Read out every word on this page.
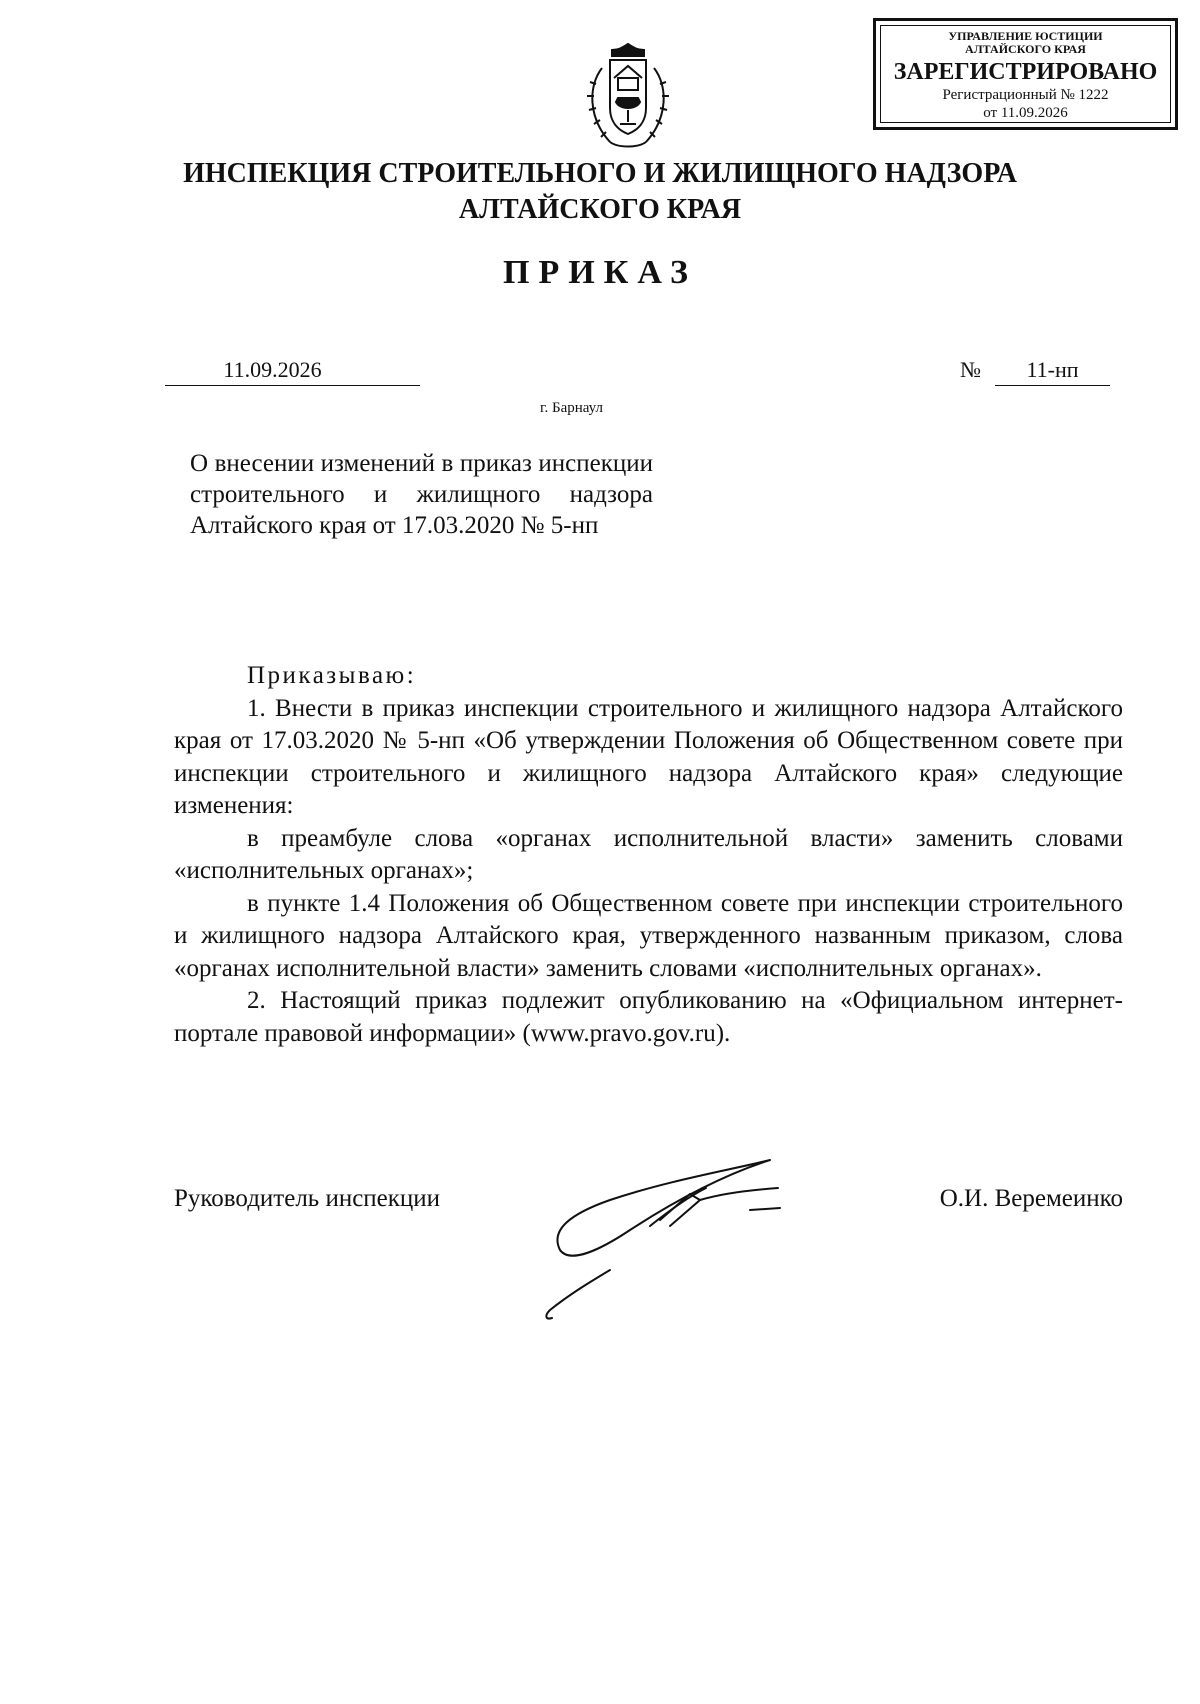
УПРАВЛЕНИЕ ЮСТИЦИИ
АЛТАЙСКОГО КРАЯ
ЗАРЕГИСТРИРОВАНО
Регистрационный № 1222
от 11.09.2026
ИНСПЕКЦИЯ СТРОИТЕЛЬНОГО И ЖИЛИЩНОГО НАДЗОРА
АЛТАЙСКОГО КРАЯ
ПРИКАЗ
11.09.2026	№	11-нп
г. Барнаул
О внесении изменений в приказ инспекции строительного и жилищного надзора Алтайского края от 17.03.2020 № 5-нп

Приказываю:

1. Внести в приказ инспекции строительного и жилищного надзора Алтайского края от 17.03.2020 № 5-нп «Об утверждении Положения об Общественном совете при инспекции строительного и жилищного надзора Алтайского края» следующие изменения:

в преамбуле слова «органах исполнительной власти» заменить словами «исполнительных органах»;

в пункте 1.4 Положения об Общественном совете при инспекции строительного и жилищного надзора Алтайского края, утвержденного названным приказом, слова «органах исполнительной власти» заменить словами «исполнительных органах».

2. Настоящий приказ подлежит опубликованию на «Официальном интернет-портале правовой информации» (www.pravo.gov.ru).

Руководитель инспекции	О.И. Веремеинко
